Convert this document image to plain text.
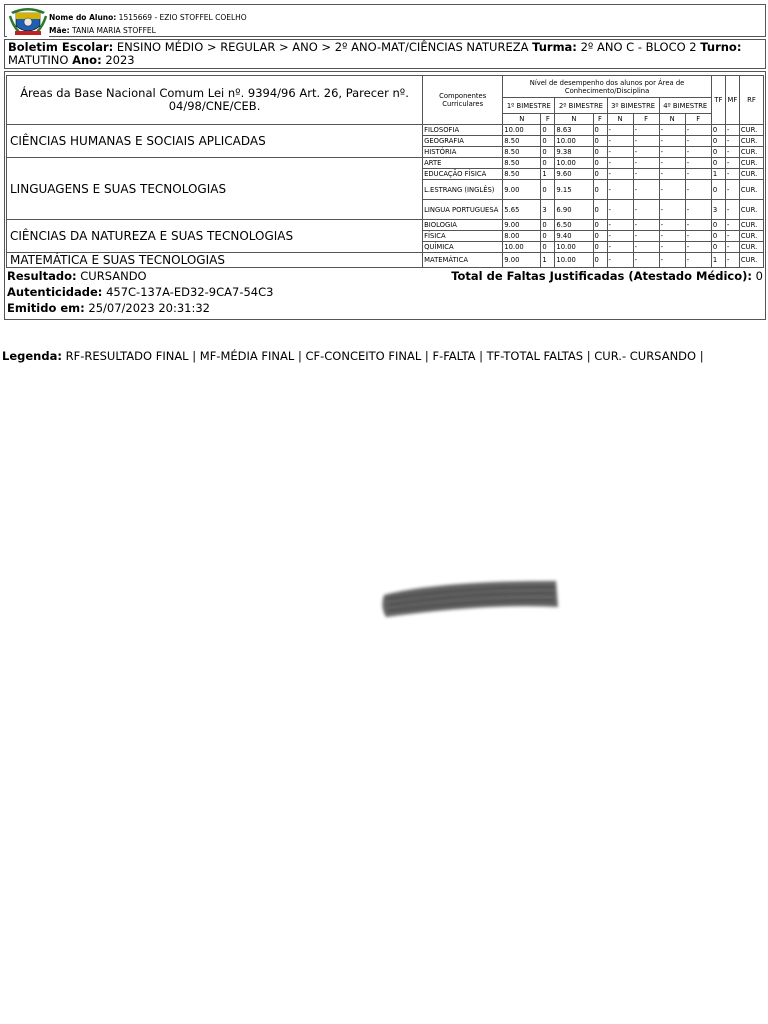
Nome do Aluno: 1515669 - EZIO STOFFEL COELHO
Mãe: TANIA MARIA STOFFEL
Boletim Escolar: ENSINO MÉDIO > REGULAR > ANO > 2º ANO-MAT/CIÊNCIAS NATUREZA Turma: 2º ANO C - BLOCO 2 Turno: MATUTINO Ano: 2023
Áreas da Base Nacional Comum Lei nº. 9394/96 Art. 26, Parecer nº. 04/98/CNE/CEB.	Componentes Curriculares	Nível de desempenho dos alunos por Área de Conhecimento/Disciplina								TF	MF	RF
		1º BIMESTRE		2º BIMESTRE		3º BIMESTRE		4º BIMESTRE				
		N	F	N	F	N	F	N	F			
CIÊNCIAS HUMANAS E SOCIAIS APLICADAS	FILOSOFIA	10.00	0	8.63	0	-	-	-	-	0	-	CUR.
	GEOGRAFIA	8.50	0	10.00	0	-	-	-	-	0	-	CUR.
	HISTÓRIA	8.50	0	9.38	0	-	-	-	-	0	-	CUR.
LINGUAGENS E SUAS TECNOLOGIAS	ARTE	8.50	0	10.00	0	-	-	-	-	0	-	CUR.
	EDUCAÇÃO FÍSICA	8.50	1	9.60	0	-	-	-	-	1	-	CUR.
	L.ESTRANG (INGLÊS)	9.00	0	9.15	0	-	-	-	-	0	-	CUR.
	LINGUA PORTUGUESA	5.65	3	6.90	0	-	-	-	-	3	-	CUR.
CIÊNCIAS DA NATUREZA E SUAS TECNOLOGIAS	BIOLOGIA	9.00	0	6.50	0	-	-	-	-	0	-	CUR.
	FÍSICA	8.00	0	9.40	0	-	-	-	-	0	-	CUR.
	QUÍMICA	10.00	0	10.00	0	-	-	-	-	0	-	CUR.
MATEMÁTICA E SUAS TECNOLOGIAS	MATEMÁTICA	9.00	1	10.00	0	-	-	-	-	1	-	CUR.
Resultado: CURSANDO	Total de Faltas Justificadas (Atestado Médico): 0
Autenticidade: 457C-137A-ED32-9CA7-54C3
Emitido em: 25/07/2023 20:31:32
Legenda: RF-RESULTADO FINAL | MF-MÉDIA FINAL | CF-CONCEITO FINAL | F-FALTA | TF-TOTAL FALTAS | CUR.- CURSANDO |
